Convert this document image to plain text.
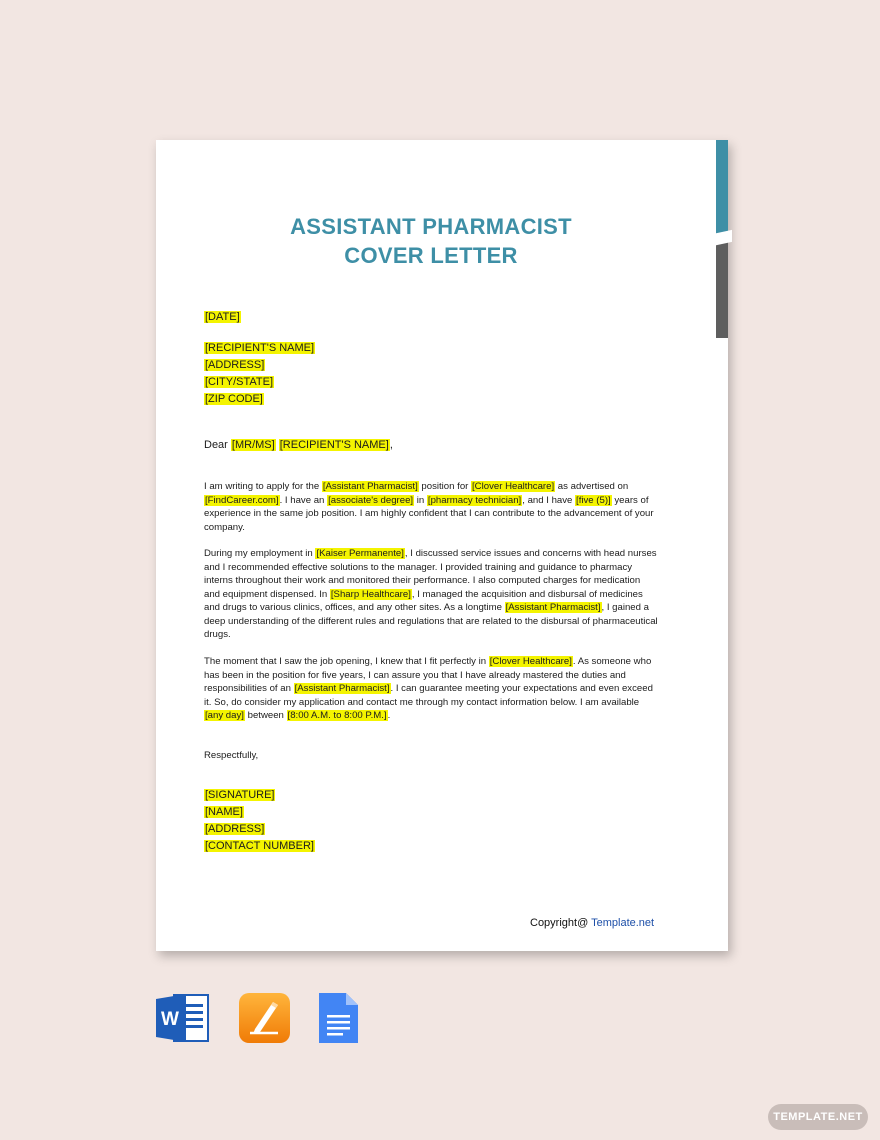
ASSISTANT PHARMACIST
COVER LETTER
[DATE]
[RECIPIENT'S NAME]
[ADDRESS]
[CITY/STATE]
[ZIP CODE]
Dear [MR/MS] [RECIPIENT'S NAME],
I am writing to apply for the [Assistant Pharmacist] position for [Clover Healthcare] as advertised on [FindCareer.com]. I have an [associate's degree] in [pharmacy technician], and I have [five (5)] years of experience in the same job position. I am highly confident that I can contribute to the advancement of your company.
During my employment in [Kaiser Permanente], I discussed service issues and concerns with head nurses and I recommended effective solutions to the manager. I provided training and guidance to pharmacy interns throughout their work and monitored their performance. I also computed charges for medication and equipment dispensed. In [Sharp Healthcare], I managed the acquisition and disbursal of medicines and drugs to various clinics, offices, and any other sites. As a longtime [Assistant Pharmacist], I gained a deep understanding of the different rules and regulations that are related to the disbursal of pharmaceutical drugs.
The moment that I saw the job opening, I knew that I fit perfectly in [Clover Healthcare]. As someone who has been in the position for five years, I can assure you that I have already mastered the duties and responsibilities of an [Assistant Pharmacist]. I can guarantee meeting your expectations and even exceed it. So, do consider my application and contact me through my contact information below. I am available [any day] between [8:00 A.M. to 8:00 P.M.].
Respectfully,
[SIGNATURE]
[NAME]
[ADDRESS]
[CONTACT NUMBER]
Copyright@ Template.net
W
TEMPLATE.NET
